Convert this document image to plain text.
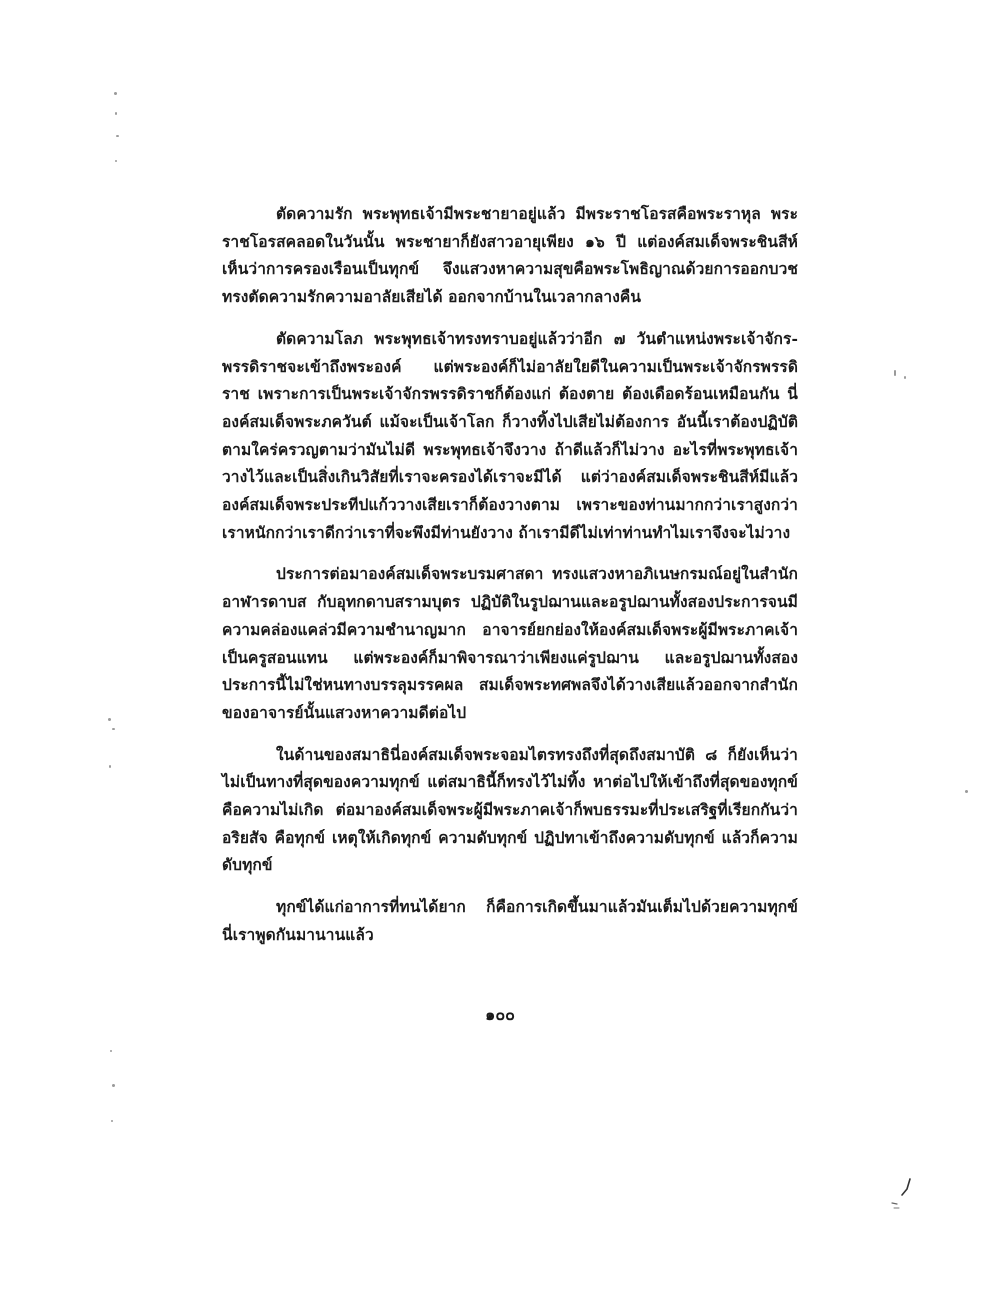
ตัดความรัก พระพุทธเจ้ามีพระชายาอยู่แล้ว มีพระราชโอรสคือพระราหุล พระราชโอรสคลอดในวันนั้น พระชายาก็ยังสาวอายุเพียง ๑๖ ปี แต่องค์สมเด็จพระชินสีห์เห็นว่าการครองเรือนเป็นทุกข์ จึงแสวงหาความสุขคือพระโพธิญาณด้วยการออกบวช ทรงตัดความรักความอาลัยเสียได้ ออกจากบ้านในเวลากลางคืน

ตัดความโลภ พระพุทธเจ้าทรงทราบอยู่แล้วว่าอีก ๗ วันตำแหน่งพระเจ้าจักร-พรรดิราชจะเข้าถึงพระองค์ แต่พระองค์ก็ไม่อาลัยใยดีในความเป็นพระเจ้าจักรพรรดิราช เพราะการเป็นพระเจ้าจักรพรรดิราชก็ต้องแก่ ต้องตาย ต้องเดือดร้อนเหมือนกัน นี่องค์สมเด็จพระภควันต์ แม้จะเป็นเจ้าโลก ก็วางทิ้งไปเสียไม่ต้องการ อันนี้เราต้องปฏิบัติตามใคร่ครวญตามว่ามันไม่ดี พระพุทธเจ้าจึงวาง ถ้าดีแล้วก็ไม่วาง อะไรที่พระพุทธเจ้าวางไว้และเป็นสิ่งเกินวิสัยที่เราจะครองได้เราจะมีได้ แต่ว่าองค์สมเด็จพระชินสีห์มีแล้ว องค์สมเด็จพระประทีปแก้ววางเสียเราก็ต้องวางตาม เพราะของท่านมากกว่าเราสูงกว่าเราหนักกว่าเราดีกว่าเราที่จะพึงมีท่านยังวาง ถ้าเรามีดีไม่เท่าท่านทำไมเราจึงจะไม่วาง

ประการต่อมาองค์สมเด็จพระบรมศาสดา ทรงแสวงหาอภิเนษกรมณ์อยู่ในสำนักอาฬารดาบส กับอุทกดาบสรามบุตร ปฏิบัติในรูปฌานและอรูปฌานทั้งสองประการจนมีความคล่องแคล่วมีความชำนาญมาก อาจารย์ยกย่องให้องค์สมเด็จพระผู้มีพระภาคเจ้าเป็นครูสอนแทน แต่พระองค์ก็มาพิจารณาว่าเพียงแค่รูปฌาน และอรูปฌานทั้งสองประการนี้ไม่ใช่หนทางบรรลุมรรคผล สมเด็จพระทศพลจึงได้วางเสียแล้วออกจากสำนักของอาจารย์นั้นแสวงหาความดีต่อไป

ในด้านของสมาธินี่องค์สมเด็จพระจอมไตรทรงถึงที่สุดถึงสมาบัติ ๘ ก็ยังเห็นว่าไม่เป็นทางที่สุดของความทุกข์ แต่สมาธินี้ก็ทรงไว้ไม่ทิ้ง หาต่อไปให้เข้าถึงที่สุดของทุกข์คือความไม่เกิด ต่อมาองค์สมเด็จพระผู้มีพระภาคเจ้าก็พบธรรมะที่ประเสริฐที่เรียกกันว่าอริยสัจ คือทุกข์ เหตุให้เกิดทุกข์ ความดับทุกข์ ปฏิปทาเข้าถึงความดับทุกข์ แล้วก็ความดับทุกข์

ทุกข์ได้แก่อาการที่ทนได้ยาก ก็คือการเกิดขึ้นมาแล้วมันเต็มไปด้วยความทุกข์ นี่เราพูดกันมานานแล้ว

๑๐๐
